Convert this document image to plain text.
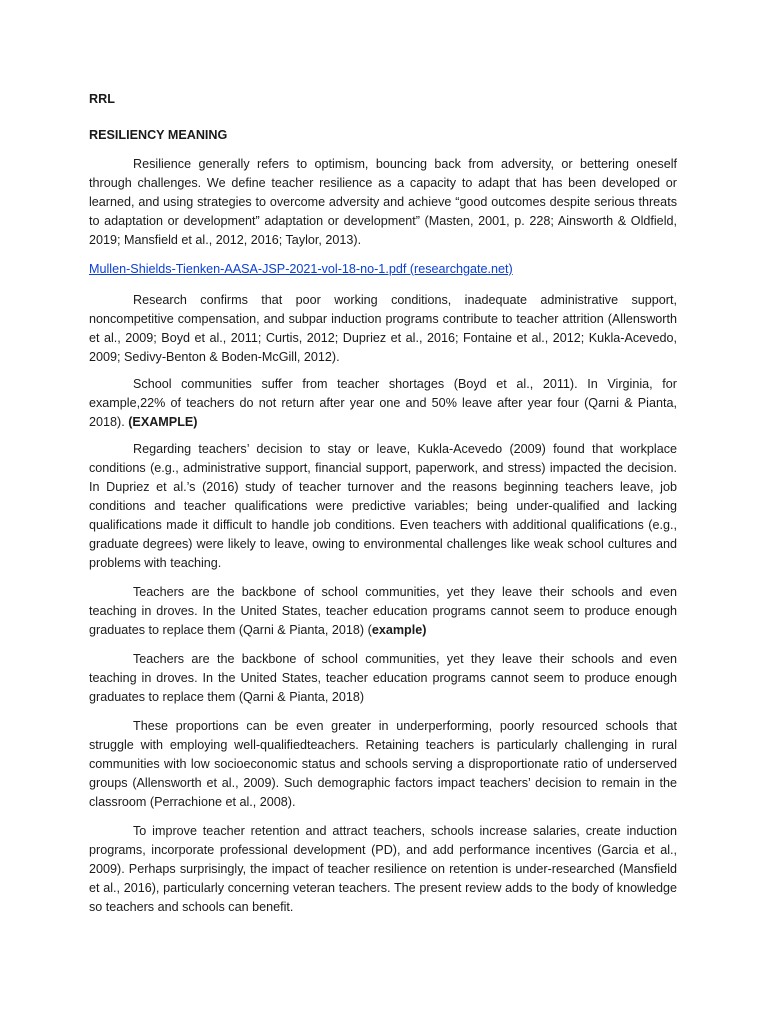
RRL

RESILIENCY MEANING

Resilience generally refers to optimism, bouncing back from adversity, or bettering oneself through challenges. We define teacher resilience as a capacity to adapt that has been developed or learned, and using strategies to overcome adversity and achieve “good outcomes despite serious threats to adaptation or development” adaptation or development” (Masten, 2001, p. 228; Ainsworth & Oldfield, 2019; Mansfield et al., 2012, 2016; Taylor, 2013).

Mullen-Shields-Tienken-AASA-JSP-2021-vol-18-no-1.pdf (researchgate.net)

Research confirms that poor working conditions, inadequate administrative support, noncompetitive compensation, and subpar induction programs contribute to teacher attrition (Allensworth et al., 2009; Boyd et al., 2011; Curtis, 2012; Dupriez et al., 2016; Fontaine et al., 2012; Kukla-Acevedo, 2009; Sedivy-Benton & Boden-McGill, 2012).

School communities suffer from teacher shortages (Boyd et al., 2011). In Virginia, for example,22% of teachers do not return after year one and 50% leave after year four (Qarni & Pianta, 2018). (EXAMPLE)

Regarding teachers’ decision to stay or leave, Kukla-Acevedo (2009) found that workplace conditions (e.g., administrative support, financial support, paperwork, and stress) impacted the decision. In Dupriez et al.’s (2016) study of teacher turnover and the reasons beginning teachers leave, job conditions and teacher qualifications were predictive variables; being under-qualified and lacking qualifications made it difficult to handle job conditions. Even teachers with additional qualifications (e.g., graduate degrees) were likely to leave, owing to environmental challenges like weak school cultures and problems with teaching.

Teachers are the backbone of school communities, yet they leave their schools and even teaching in droves. In the United States, teacher education programs cannot seem to produce enough graduates to replace them (Qarni & Pianta, 2018) (example)

Teachers are the backbone of school communities, yet they leave their schools and even teaching in droves. In the United States, teacher education programs cannot seem to produce enough graduates to replace them (Qarni & Pianta, 2018)

These proportions can be even greater in underperforming, poorly resourced schools that struggle with employing well-qualifiedteachers. Retaining teachers is particularly challenging in rural communities with low socioeconomic status and schools serving a disproportionate ratio of underserved groups (Allensworth et al., 2009). Such demographic factors impact teachers’ decision to remain in the classroom (Perrachione et al., 2008).

To improve teacher retention and attract teachers, schools increase salaries, create induction programs, incorporate professional development (PD), and add performance incentives (Garcia et al., 2009). Perhaps surprisingly, the impact of teacher resilience on retention is under-researched (Mansfield et al., 2016), particularly concerning veteran teachers. The present review adds to the body of knowledge so teachers and schools can benefit.
